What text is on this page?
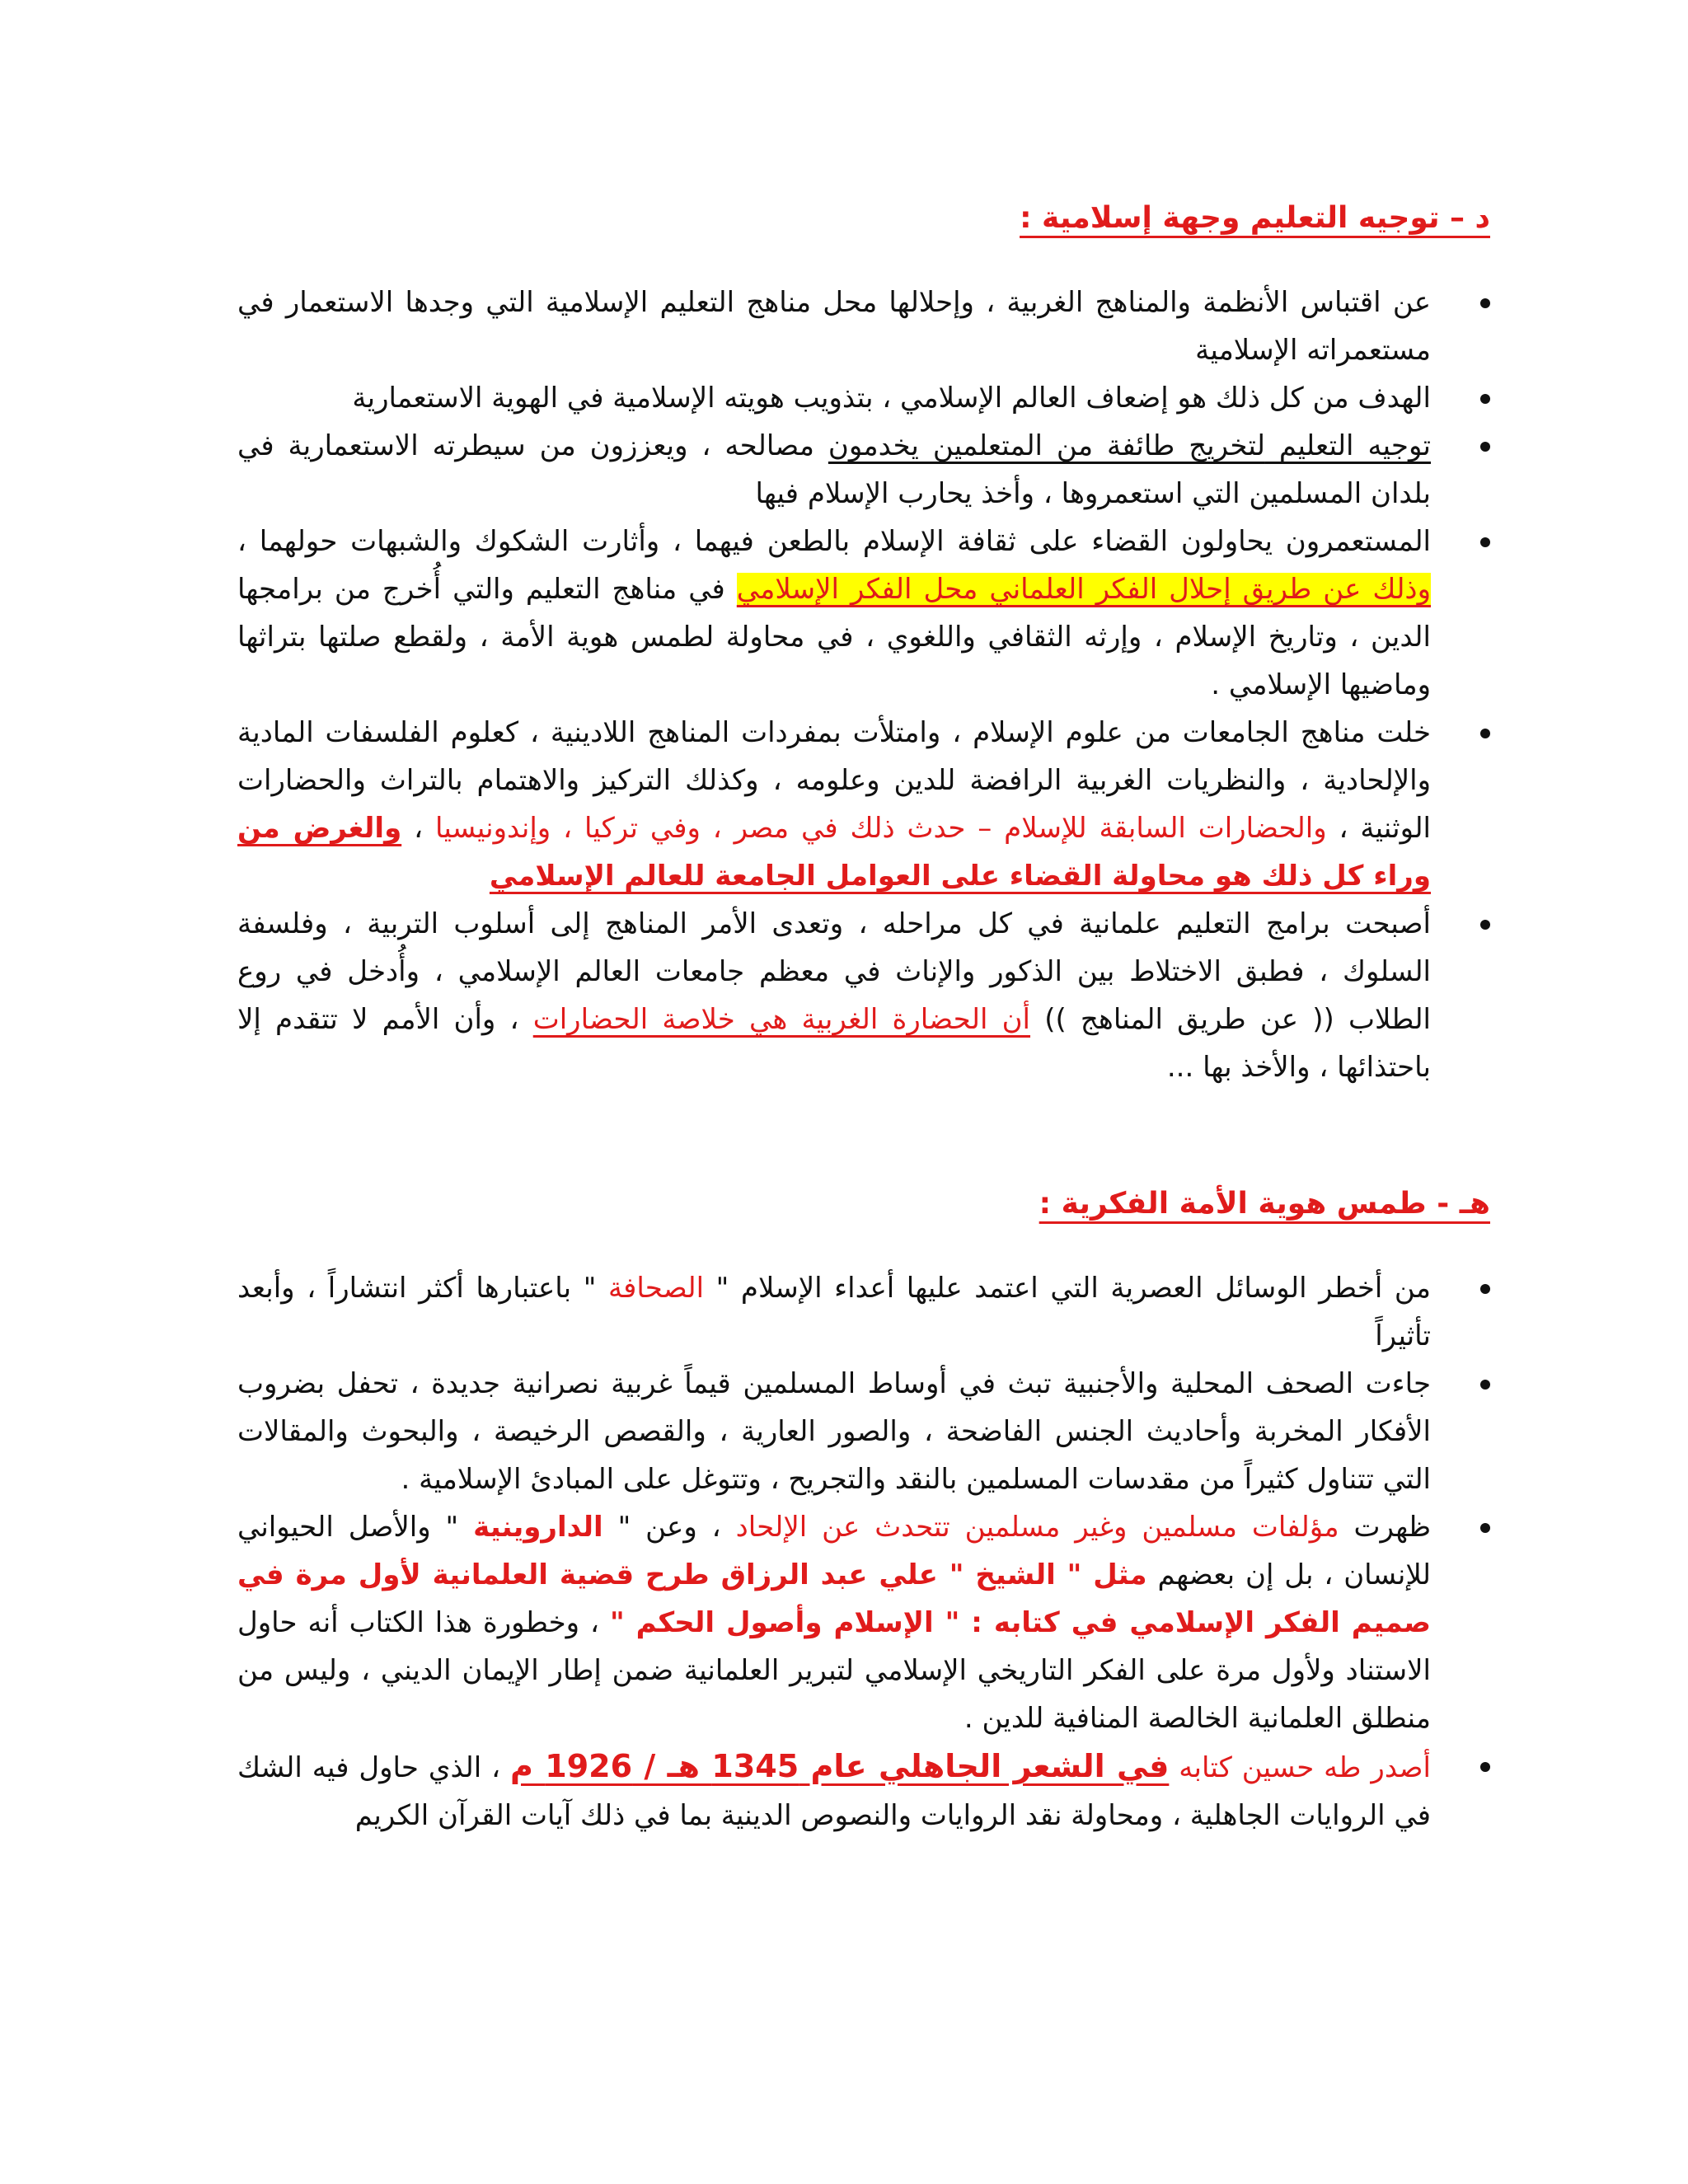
د – توجيه التعليم وجهة إسلامية :
عن اقتباس الأنظمة والمناهج الغربية ، وإحلالها محل مناهج التعليم الإسلامية التي وجدها الاستعمار في مستعمراته الإسلامية
الهدف من كل ذلك هو إضعاف العالم الإسلامي ، بتذويب هويته الإسلامية في الهوية الاستعمارية
توجيه التعليم لتخريج طائفة من المتعلمين يخدمون مصالحه ، ويعززون من سيطرته الاستعمارية في بلدان المسلمين التي استعمروها ، وأخذ يحارب الإسلام فيها
المستعمرون يحاولون القضاء على ثقافة الإسلام بالطعن فيهما ، وأثارت الشكوك والشبهات حولهما ، وذلك عن طريق إحلال الفكر العلماني محل الفكر الإسلامي في مناهج التعليم والتي أُخرج من برامجها الدين ، وتاريخ الإسلام ، وإرثه الثقافي واللغوي ، في محاولة لطمس هوية الأمة ، ولقطع صلتها بتراثها وماضيها الإسلامي .
خلت مناهج الجامعات من علوم الإسلام ، وامتلأت بمفردات المناهج اللادينية ، كعلوم الفلسفات المادية والإلحادية ، والنظريات الغربية الرافضة للدين وعلومه ، وكذلك التركيز والاهتمام بالتراث والحضارات الوثنية ، والحضارات السابقة للإسلام – حدث ذلك في مصر ، وفي تركيا ، وإندونيسيا ، والغرض من وراء كل ذلك هو محاولة القضاء على العوامل الجامعة للعالم الإسلامي
أصبحت برامج التعليم علمانية في كل مراحله ، وتعدى الأمر المناهج إلى أسلوب التربية ، وفلسفة السلوك ، فطبق الاختلاط بين الذكور والإناث في معظم جامعات العالم الإسلامي ، وأُدخل في روع الطلاب (( عن طريق المناهج )) أن الحضارة الغربية هي خلاصة الحضارات ، وأن الأمم لا تتقدم إلا باحتذائها ، والأخذ بها ...
هـ - طمس هوية الأمة الفكرية :
من أخطر الوسائل العصرية التي اعتمد عليها أعداء الإسلام " الصحافة " باعتبارها أكثر انتشاراً ، وأبعد تأثيراً
جاءت الصحف المحلية والأجنبية تبث في أوساط المسلمين قيماً غربية نصرانية جديدة ، تحفل بضروب الأفكار المخربة وأحاديث الجنس الفاضحة ، والصور العارية ، والقصص الرخيصة ، والبحوث والمقالات التي تتناول كثيراً من مقدسات المسلمين بالنقد والتجريح ، وتتوغل على المبادئ الإسلامية .
ظهرت مؤلفات مسلمين وغير مسلمين تتحدث عن الإلحاد ، وعن " الداروينية " والأصل الحيواني للإنسان ، بل إن بعضهم مثل " الشيخ " علي عبد الرزاق طرح قضية العلمانية لأول مرة في صميم الفكر الإسلامي في كتابه : " الإسلام وأصول الحكم " ، وخطورة هذا الكتاب أنه حاول الاستناد ولأول مرة على الفكر التاريخي الإسلامي لتبرير العلمانية ضمن إطار الإيمان الديني ، وليس من منطلق العلمانية الخالصة المنافية للدين .
أصدر طه حسين كتابه في الشعر الجاهلي عام 1345 هـ / 1926 م ، الذي حاول فيه الشك في الروايات الجاهلية ، ومحاولة نقد الروايات والنصوص الدينية بما في ذلك آيات القرآن الكريم
